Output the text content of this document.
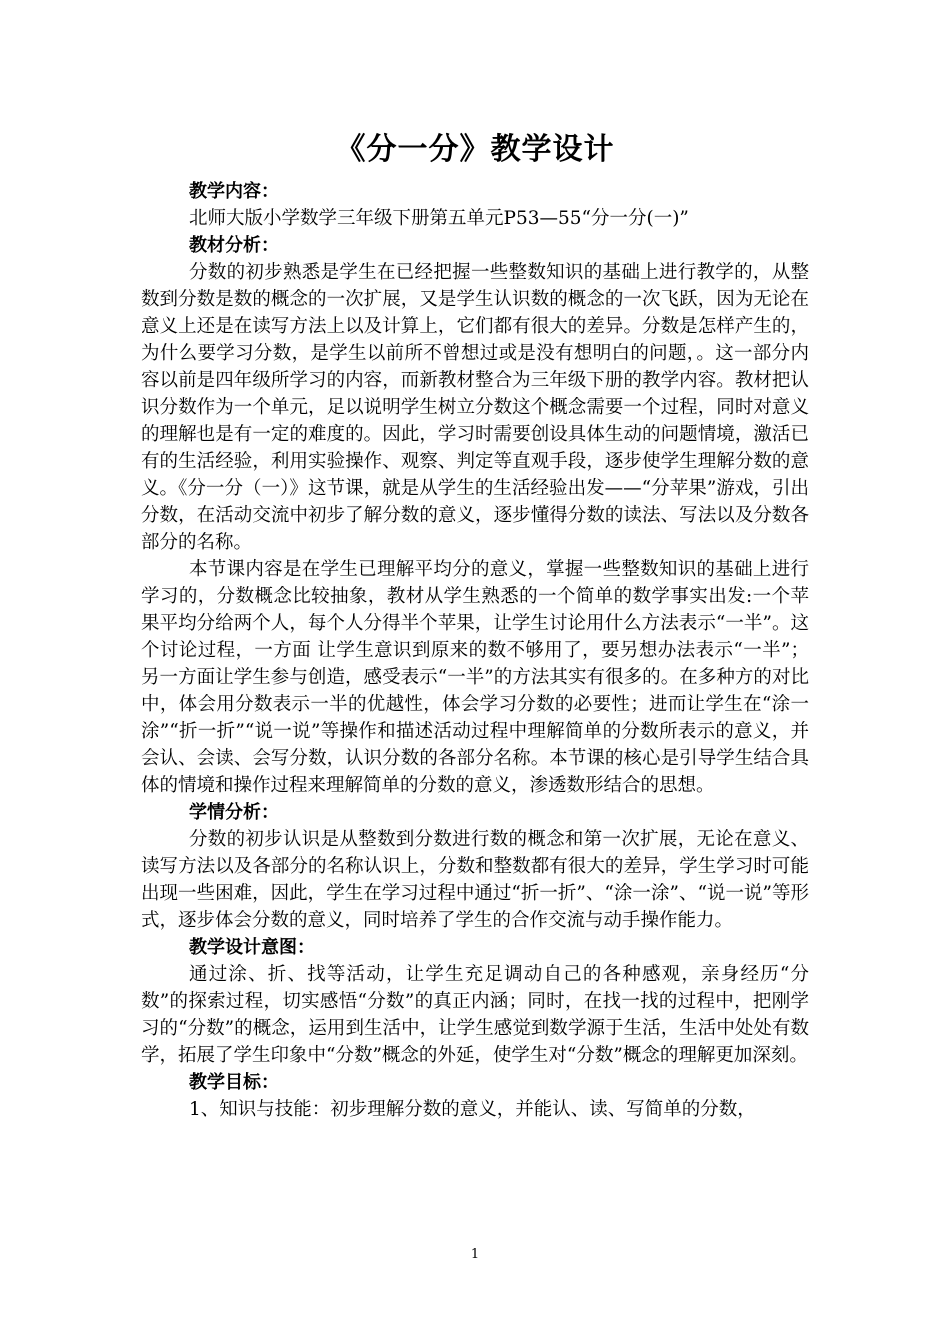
《分一分》教学设计

教学内容：

北师大版小学数学三年级下册第五单元P53—55“分一分(一)”

教材分析：

分数的初步熟悉是学生在已经把握一些整数知识的基础上进行教学的，从整数到分数是数的概念的一次扩展，又是学生认识数的概念的一次飞跃，因为无论在意义上还是在读写方法上以及计算上，它们都有很大的差异。分数是怎样产生的，为什么要学习分数，是学生以前所不曾想过或是没有想明白的问题，。这一部分内容以前是四年级所学习的内容，而新教材整合为三年级下册的教学内容。教材把认识分数作为一个单元，足以说明学生树立分数这个概念需要一个过程，同时对意义的理解也是有一定的难度的。因此，学习时需要创设具体生动的问题情境，激活已有的生活经验，利用实验操作、观察、判定等直观手段，逐步使学生理解分数的意义。《分一分（一）》这节课，就是从学生的生活经验出发——“分苹果”游戏，引出分数，在活动交流中初步了解分数的意义，逐步懂得分数的读法、写法以及分数各部分的名称。

本节课内容是在学生已理解平均分的意义，掌握一些整数知识的基础上进行学习的，分数概念比较抽象，教材从学生熟悉的一个简单的数学事实出发:一个苹果平均分给两个人，每个人分得半个苹果，让学生讨论用什么方法表示“一半”。这个讨论过程，一方面 让学生意识到原来的数不够用了，要另想办法表示“一半”；另一方面让学生参与创造，感受表示“一半”的方法其实有很多的。在多种方的对比中，体会用分数表示一半的优越性，体会学习分数的必要性；进而让学生在“涂一涂”“折一折”“说一说”等操作和描述活动过程中理解简单的分数所表示的意义，并会认、会读、会写分数，认识分数的各部分名称。本节课的核心是引导学生结合具体的情境和操作过程来理解简单的分数的意义，渗透数形结合的思想。

学情分析：

分数的初步认识是从整数到分数进行数的概念和第一次扩展，无论在意义、读写方法以及各部分的名称认识上，分数和整数都有很大的差异，学生学习时可能出现一些困难，因此，学生在学习过程中通过“折一折”、“涂一涂”、“说一说”等形式，逐步体会分数的意义，同时培养了学生的合作交流与动手操作能力。

教学设计意图：

通过涂、折、找等活动，让学生充足调动自己的各种感观，亲身经历“分数”的探索过程，切实感悟“分数”的真正内涵；同时，在找一找的过程中，把刚学习的“分数”的概念，运用到生活中，让学生感觉到数学源于生活，生活中处处有数学，拓展了学生印象中“分数”概念的外延，使学生对“分数”概念的理解更加深刻。

教学目标：

1、知识与技能：初步理解分数的意义，并能认、读、写简单的分数，

1
